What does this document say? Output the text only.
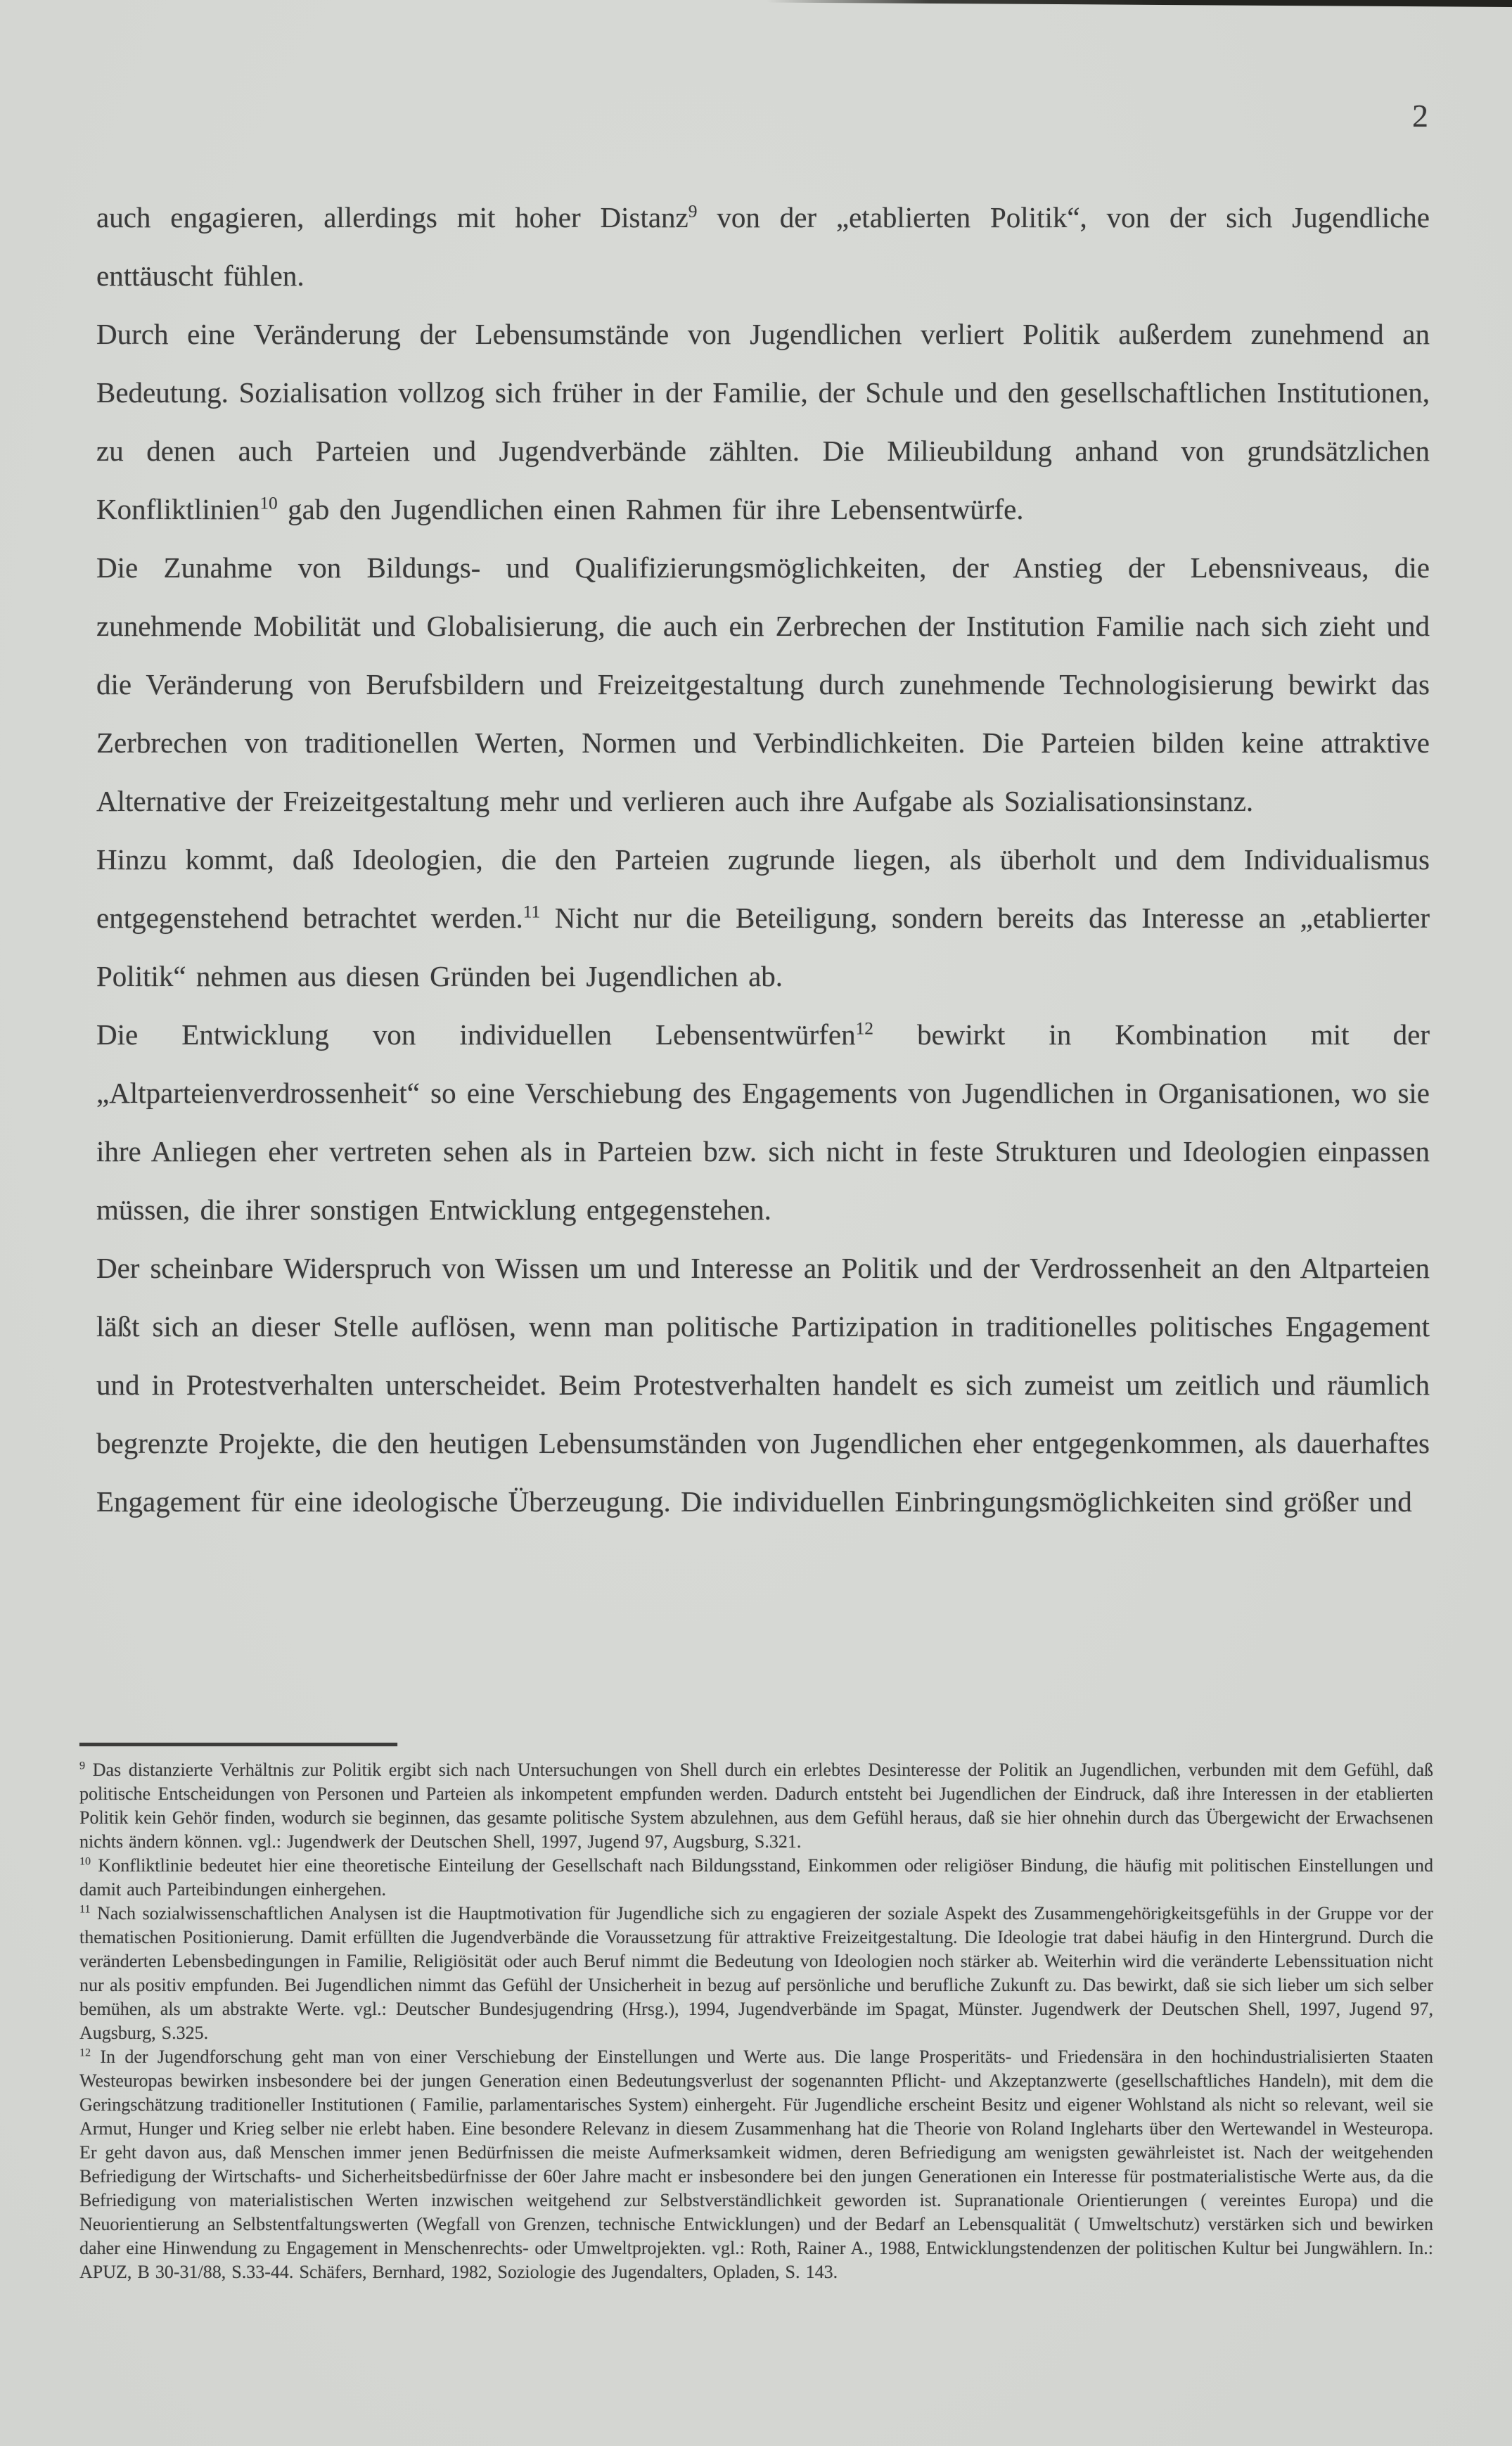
2

auch engagieren, allerdings mit hoher Distanz$^9$ von der „etablierten Politik“, von der sich Jugendliche enttäuscht fühlen.

Durch eine Veränderung der Lebensumstände von Jugendlichen verliert Politik außerdem zunehmend an Bedeutung. Sozialisation vollzog sich früher in der Familie, der Schule und den gesellschaftlichen Institutionen, zu denen auch Parteien und Jugendverbände zählten. Die Milieubildung anhand von grundsätzlichen Konfliktlinien$^{10}$ gab den Jugendlichen einen Rahmen für ihre Lebensentwürfe.

Die Zunahme von Bildungs- und Qualifizierungsmöglichkeiten, der Anstieg der Lebensniveaus, die zunehmende Mobilität und Globalisierung, die auch ein Zerbrechen der Institution Familie nach sich zieht und die Veränderung von Berufsbildern und Freizeitgestaltung durch zunehmende Technologisierung bewirkt das Zerbrechen von traditionellen Werten, Normen und Verbindlichkeiten. Die Parteien bilden keine attraktive Alternative der Freizeitgestaltung mehr und verlieren auch ihre Aufgabe als Sozialisationsinstanz.

Hinzu kommt, daß Ideologien, die den Parteien zugrunde liegen, als überholt und dem Individualismus entgegenstehend betrachtet werden.$^{11}$ Nicht nur die Beteiligung, sondern bereits das Interesse an „etablierter Politik“ nehmen aus diesen Gründen bei Jugendlichen ab.

Die Entwicklung von individuellen Lebensentwürfen$^{12}$ bewirkt in Kombination mit der „Altparteienverdrossenheit“ so eine Verschiebung des Engagements von Jugendlichen in Organisationen, wo sie ihre Anliegen eher vertreten sehen als in Parteien bzw. sich nicht in feste Strukturen und Ideologien einpassen müssen, die ihrer sonstigen Entwicklung entgegenstehen.

Der scheinbare Widerspruch von Wissen um und Interesse an Politik und der Verdrossenheit an den Altparteien läßt sich an dieser Stelle auflösen, wenn man politische Partizipation in traditionelles politisches Engagement und in Protestverhalten unterscheidet. Beim Protestverhalten handelt es sich zumeist um zeitlich und räumlich begrenzte Projekte, die den heutigen Lebensumständen von Jugendlichen eher entgegenkommen, als dauerhaftes Engagement für eine ideologische Überzeugung. Die individuellen Einbringungsmöglichkeiten sind größer und

$^9$ Das distanzierte Verhältnis zur Politik ergibt sich nach Untersuchungen von Shell durch ein erlebtes Desinteresse der Politik an Jugendlichen, verbunden mit dem Gefühl, daß politische Entscheidungen von Personen und Parteien als inkompetent empfunden werden. Dadurch entsteht bei Jugendlichen der Eindruck, daß ihre Interessen in der etablierten Politik kein Gehör finden, wodurch sie beginnen, das gesamte politische System abzulehnen, aus dem Gefühl heraus, daß sie hier ohnehin durch das Übergewicht der Erwachsenen nichts ändern können. vgl.: Jugendwerk der Deutschen Shell, 1997, Jugend 97, Augsburg, S.321.

$^{10}$ Konfliktlinie bedeutet hier eine theoretische Einteilung der Gesellschaft nach Bildungsstand, Einkommen oder religiöser Bindung, die häufig mit politischen Einstellungen und damit auch Parteibindungen einhergehen.

$^{11}$ Nach sozialwissenschaftlichen Analysen ist die Hauptmotivation für Jugendliche sich zu engagieren der soziale Aspekt des Zusammengehörigkeitsgefühls in der Gruppe vor der thematischen Positionierung. Damit erfüllten die Jugendverbände die Voraussetzung für attraktive Freizeitgestaltung. Die Ideologie trat dabei häufig in den Hintergrund. Durch die veränderten Lebensbedingungen in Familie, Religiösität oder auch Beruf nimmt die Bedeutung von Ideologien noch stärker ab. Weiterhin wird die veränderte Lebenssituation nicht nur als positiv empfunden. Bei Jugendlichen nimmt das Gefühl der Unsicherheit in bezug auf persönliche und berufliche Zukunft zu. Das bewirkt, daß sie sich lieber um sich selber bemühen, als um abstrakte Werte. vgl.: Deutscher Bundesjugendring (Hrsg.), 1994, Jugendverbände im Spagat, Münster. Jugendwerk der Deutschen Shell, 1997, Jugend 97, Augsburg, S.325.

$^{12}$ In der Jugendforschung geht man von einer Verschiebung der Einstellungen und Werte aus. Die lange Prosperitäts- und Friedensära in den hochindustrialisierten Staaten Westeuropas bewirken insbesondere bei der jungen Generation einen Bedeutungsverlust der sogenannten Pflicht- und Akzeptanzwerte (gesellschaftliches Handeln), mit dem die Geringschätzung traditioneller Institutionen ( Familie, parlamentarisches System) einhergeht. Für Jugendliche erscheint Besitz und eigener Wohlstand als nicht so relevant, weil sie Armut, Hunger und Krieg selber nie erlebt haben. Eine besondere Relevanz in diesem Zusammenhang hat die Theorie von Roland Ingleharts über den Wertewandel in Westeuropa. Er geht davon aus, daß Menschen immer jenen Bedürfnissen die meiste Aufmerksamkeit widmen, deren Befriedigung am wenigsten gewährleistet ist. Nach der weitgehenden Befriedigung der Wirtschafts- und Sicherheitsbedürfnisse der 60er Jahre macht er insbesondere bei den jungen Generationen ein Interesse für postmaterialistische Werte aus, da die Befriedigung von materialistischen Werten inzwischen weitgehend zur Selbstverständlichkeit geworden ist. Supranationale Orientierungen ( vereintes Europa) und die Neuorientierung an Selbstentfaltungswerten (Wegfall von Grenzen, technische Entwicklungen) und der Bedarf an Lebensqualität ( Umweltschutz) verstärken sich und bewirken daher eine Hinwendung zu Engagement in Menschenrechts- oder Umweltprojekten. vgl.: Roth, Rainer A., 1988, Entwicklungstendenzen der politischen Kultur bei Jungwählern. In.: APUZ, B 30-31/88, S.33-44. Schäfers, Bernhard, 1982, Soziologie des Jugendalters, Opladen, S. 143.
